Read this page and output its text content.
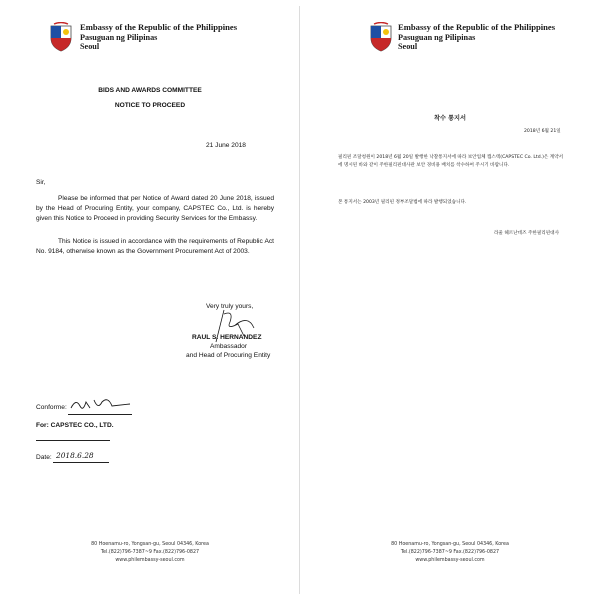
Embassy of the Republic of the Philippines
Pasuguan ng Pilipinas
Seoul
BIDS AND AWARDS COMMITTEE
NOTICE TO PROCEED
21 June 2018
Sir,
Please be informed that per Notice of Award dated 20 June 2018, issued by the Head of Procuring Entity, your company, CAPSTEC Co., Ltd. is hereby given this Notice to Proceed in providing Security Services for the Embassy.
This Notice is issued in accordance with the requirements of Republic Act No. 9184, otherwise known as the Government Procurement Act of 2003.
Very truly yours,
RAUL S. HERNANDEZ
Ambassador
and Head of Procuring Entity
Conforme:
For: CAPSTEC CO., LTD.
Date: 2018.6.28
80 Hoenamu-ro, Yongsan-gu, Seoul 04346, Korea
Tel.(822)796-7387~9 Fax.(822)796-0827
www.philembassy-seoul.com
Embassy of the Republic of the Philippines
Pasuguan ng Pilipinas
Seoul
착수 통지서
2018년 6월 21일
필리핀 조달청원이 2018년 6월 20일 발행한 낙찰통지서에 따라 보안업체 캡스텍(CAPSTEC Co. Ltd.)은 계약서에 명시된 바와 같이 주한필리핀대사관 보안 경비용 배치를 착수하여 주시기 바랍니다.
본 통지서는 2003년 필리핀 정부조달법에 따라 발행되었습니다.
라울 헤르난데즈 주한필리핀대사
80 Hoenamu-ro, Yongsan-gu, Seoul 04346, Korea
Tel.(822)796-7387~9 Fax.(822)796-0827
www.philembassy-seoul.com
